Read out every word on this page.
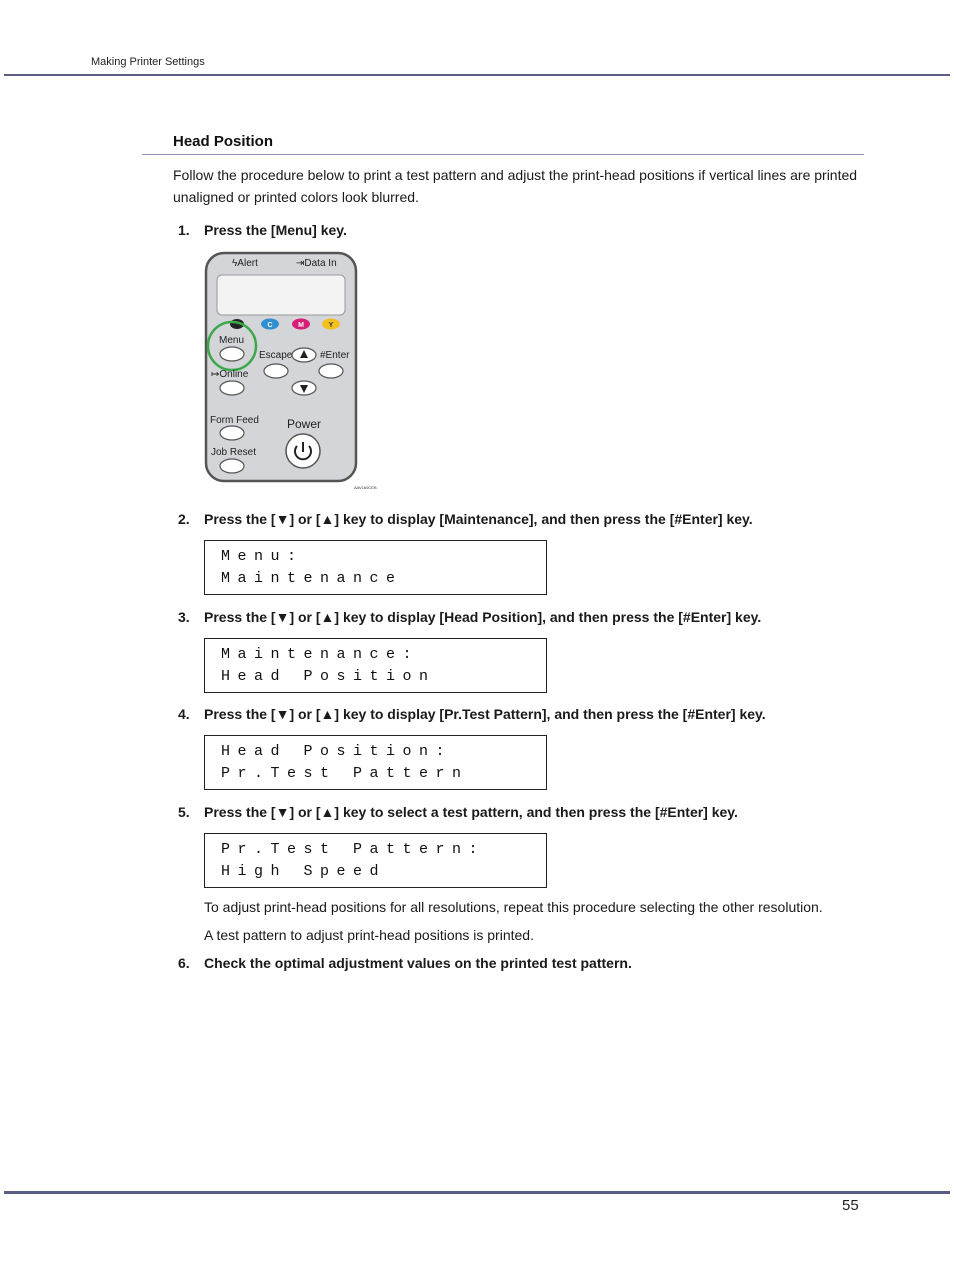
Making Printer Settings
Head Position

Follow the procedure below to print a test pattern and adjust the print-head positions if vertical lines are printed unaligned or printed colors look blurred.

1. Press the [Menu] key.
ϟAlert	⇥Data In
C	M	Y
Menu
Escape	#Enter
↦Online
Form Feed
Job Reset
Power
AAV160CEB
2. Press the [▼] or [▲] key to display [Maintenance], and then press the [#Enter] key.
Menu:
Maintenance
3. Press the [▼] or [▲] key to display [Head Position], and then press the [#Enter] key.
Maintenance:
Head Position
4. Press the [▼] or [▲] key to display [Pr.Test Pattern], and then press the [#Enter] key.
Head Position:
Pr.Test Pattern
5. Press the [▼] or [▲] key to select a test pattern, and then press the [#Enter] key.
Pr.Test Pattern:
High Speed
To adjust print-head positions for all resolutions, repeat this procedure selecting the other resolution.
A test pattern to adjust print-head positions is printed.
6. Check the optimal adjustment values on the printed test pattern.
55
